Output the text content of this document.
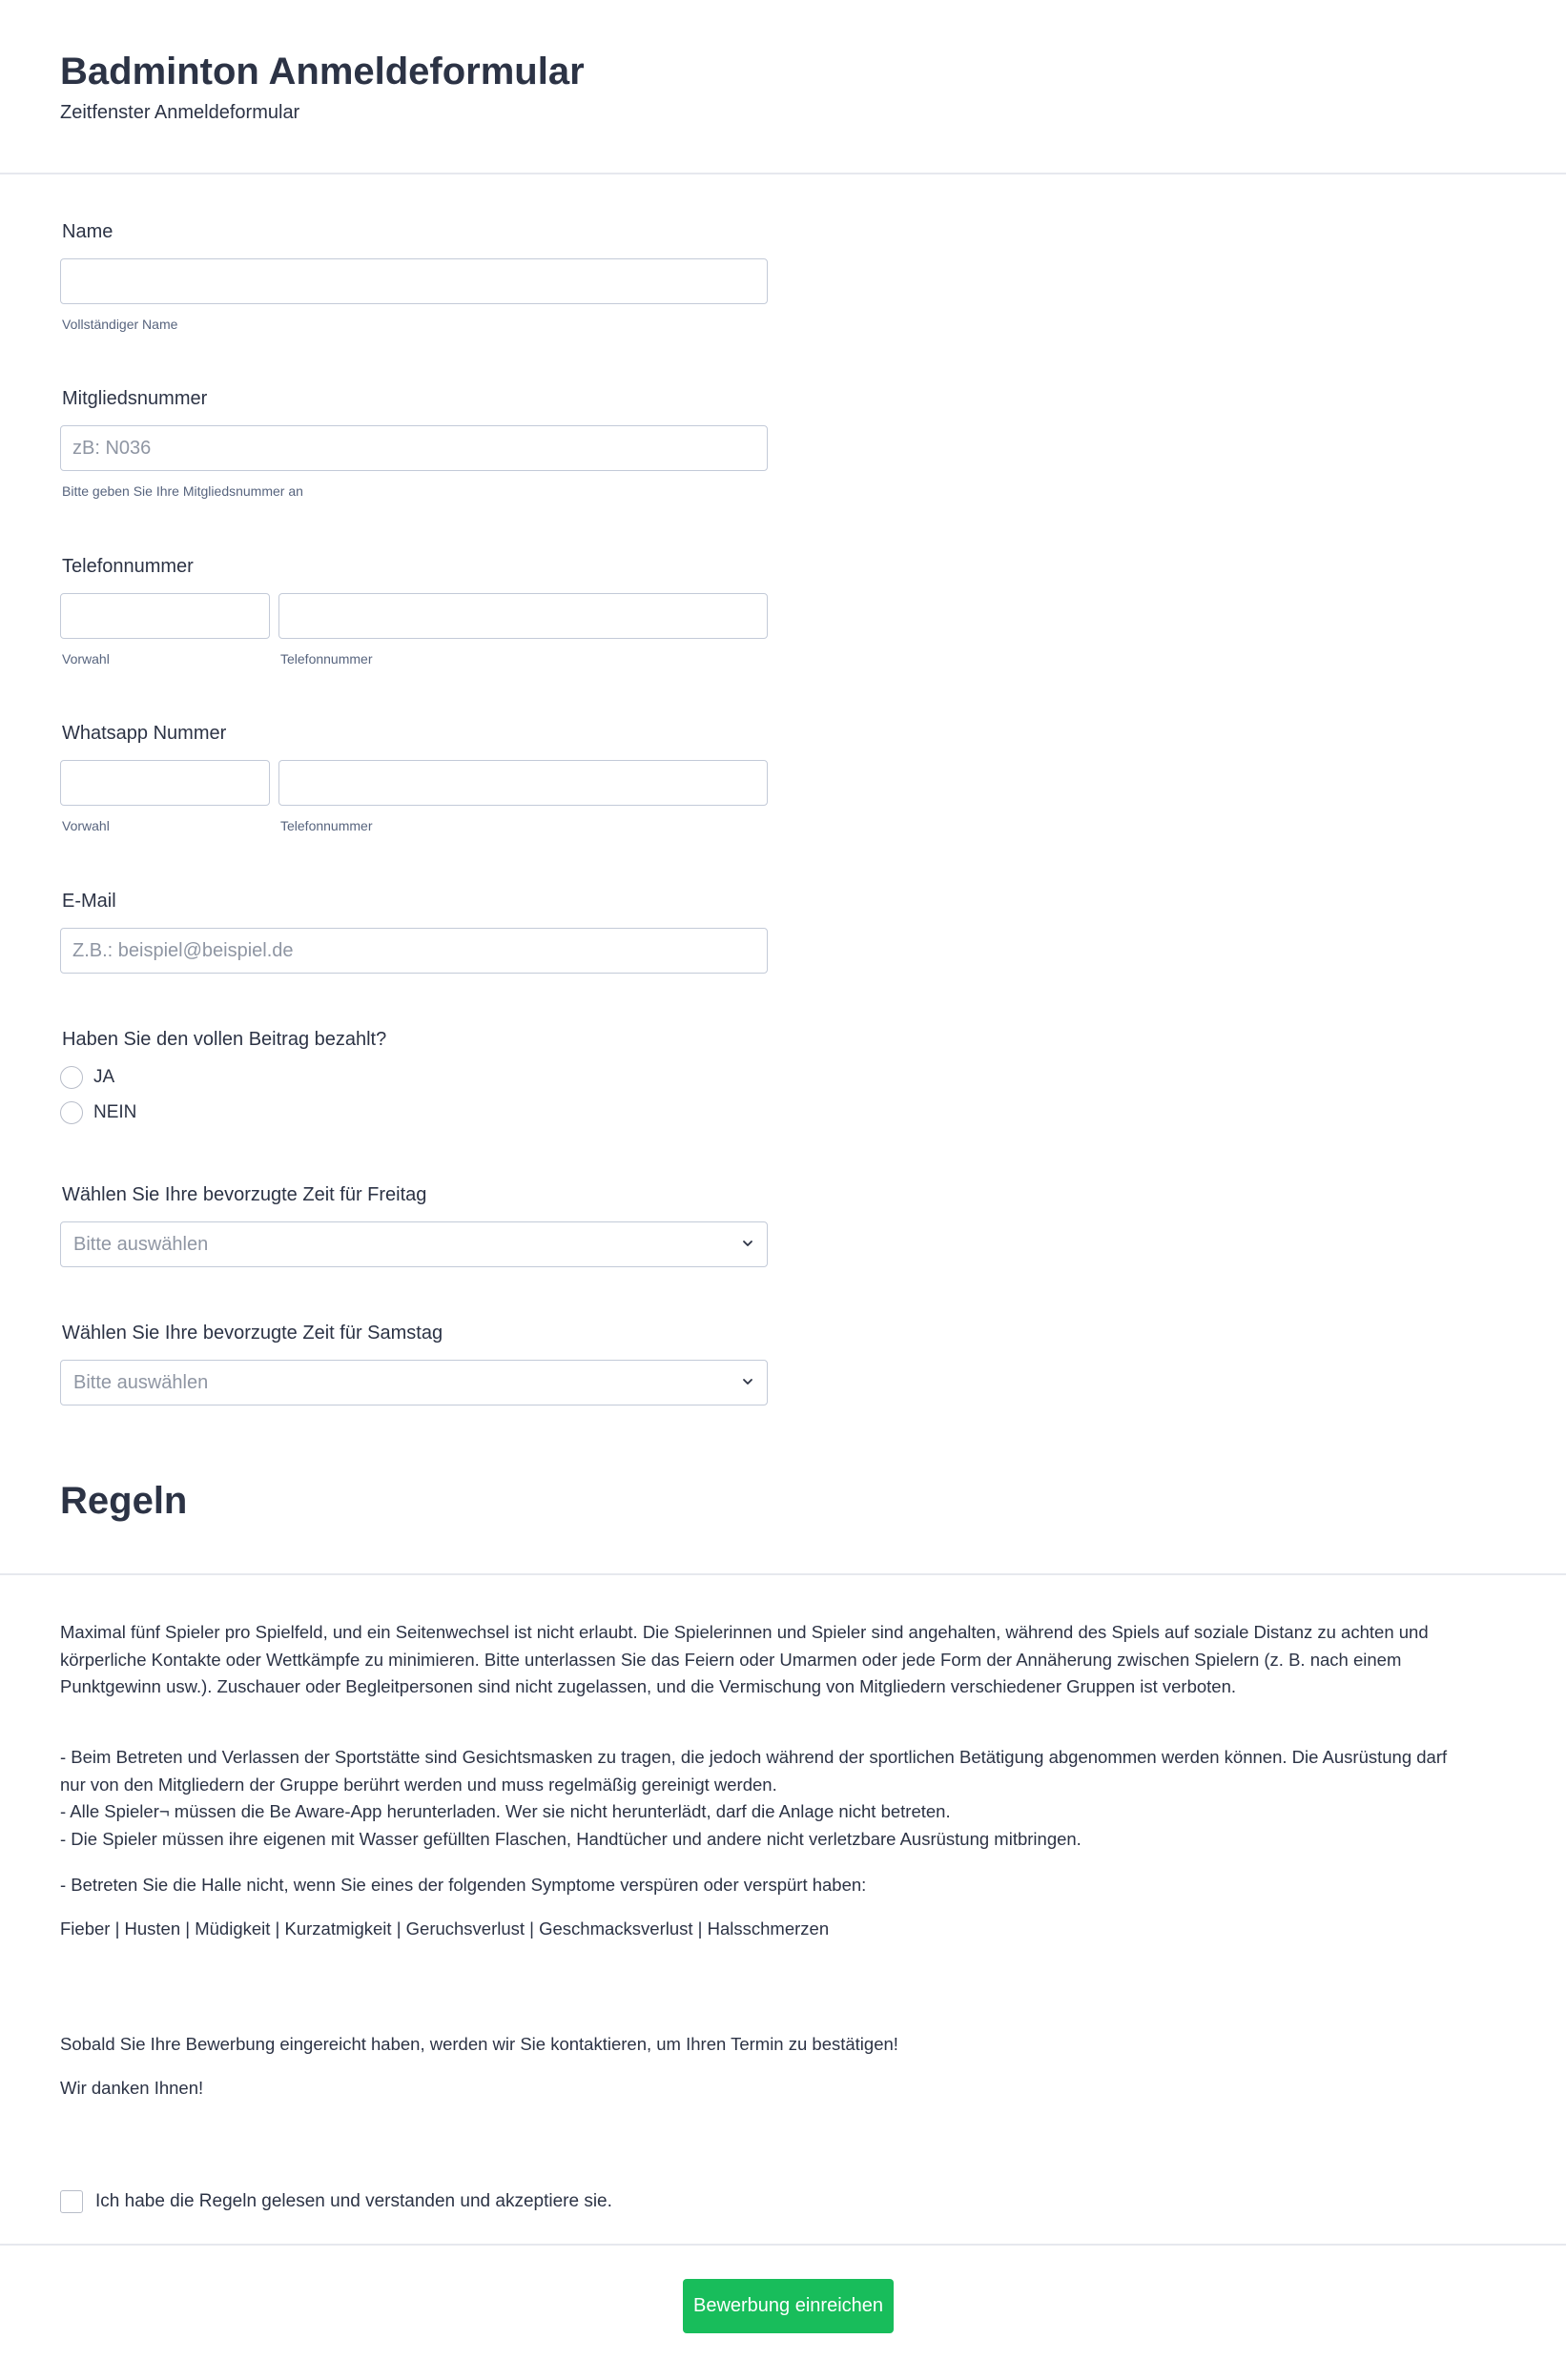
Badminton Anmeldeformular
Zeitfenster Anmeldeformular
Name
Vollständiger Name
Mitgliedsnummer
zB: N036
Bitte geben Sie Ihre Mitgliedsnummer an
Telefonnummer
Vorwahl	Telefonnummer
Whatsapp Nummer
Vorwahl	Telefonnummer
E-Mail
Z.B.: beispiel@beispiel.de
Haben Sie den vollen Beitrag bezahlt?
JA
NEIN
Wählen Sie Ihre bevorzugte Zeit für Freitag
Bitte auswählen
Wählen Sie Ihre bevorzugte Zeit für Samstag
Bitte auswählen
Regeln

Maximal fünf Spieler pro Spielfeld, und ein Seitenwechsel ist nicht erlaubt. Die Spielerinnen und Spieler sind angehalten, während des Spiels auf soziale Distanz zu achten und

körperliche Kontakte oder Wettkämpfe zu minimieren. Bitte unterlassen Sie das Feiern oder Umarmen oder jede Form der Annäherung zwischen Spielern (z. B. nach einem

Punktgewinn usw.). Zuschauer oder Begleitpersonen sind nicht zugelassen, und die Vermischung von Mitgliedern verschiedener Gruppen ist verboten.

- Beim Betreten und Verlassen der Sportstätte sind Gesichtsmasken zu tragen, die jedoch während der sportlichen Betätigung abgenommen werden können. Die Ausrüstung darf

nur von den Mitgliedern der Gruppe berührt werden und muss regelmäßig gereinigt werden.

- Alle Spieler¬ müssen die Be Aware-App herunterladen. Wer sie nicht herunterlädt, darf die Anlage nicht betreten.

- Die Spieler müssen ihre eigenen mit Wasser gefüllten Flaschen, Handtücher und andere nicht verletzbare Ausrüstung mitbringen.

- Betreten Sie die Halle nicht, wenn Sie eines der folgenden Symptome verspüren oder verspürt haben:
Fieber | Husten | Müdigkeit | Kurzatmigkeit | Geruchsverlust | Geschmacksverlust | Halsschmerzen
Sobald Sie Ihre Bewerbung eingereicht haben, werden wir Sie kontaktieren, um Ihren Termin zu bestätigen!
Wir danken Ihnen!
Ich habe die Regeln gelesen und verstanden und akzeptiere sie.
Bewerbung einreichen
